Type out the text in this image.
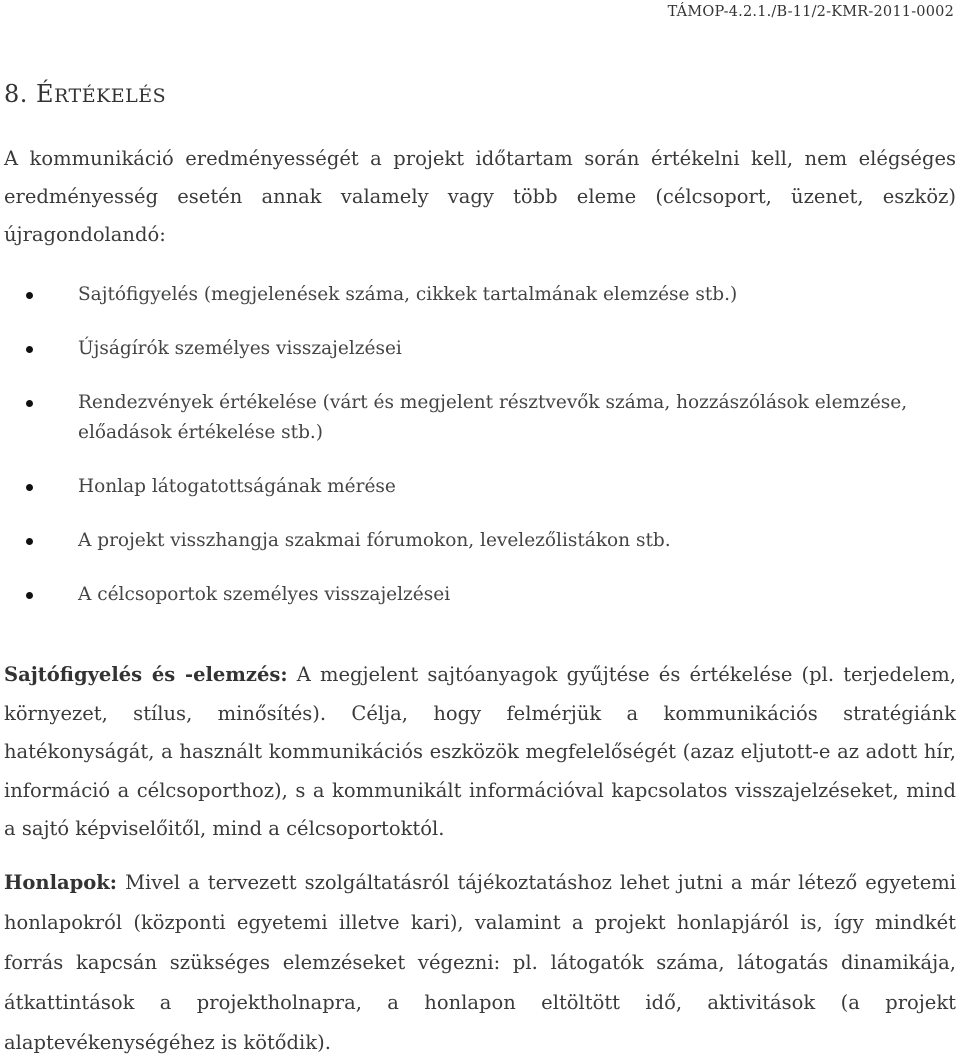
TÁMOP-4.2.1./B-11/2-KMR-2011-0002
8. ÉRTÉKELÉS

A kommunikáció eredményességét a projekt időtartam során értékelni kell, nem elégséges eredményesség esetén annak valamely vagy több eleme (célcsoport, üzenet, eszköz) újragondolandó:

Sajtófigyelés (megjelenések száma, cikkek tartalmának elemzése stb.)
Újságírók személyes visszajelzései
Rendezvények értékelése (várt és megjelent résztvevők száma, hozzászólások elemzése, előadások értékelése stb.)
Honlap látogatottságának mérése
A projekt visszhangja szakmai fórumokon, levelezőlistákon stb.
A célcsoportok személyes visszajelzései

Sajtófigyelés és -elemzés: A megjelent sajtóanyagok gyűjtése és értékelése (pl. terjedelem, környezet, stílus, minősítés). Célja, hogy felmérjük a kommunikációs stratégiánk hatékonyságát, a használt kommunikációs eszközök megfelelőségét (azaz eljutott-e az adott hír, információ a célcsoporthoz), s a kommunikált információval kapcsolatos visszajelzéseket, mind a sajtó képviselőitől, mind a célcsoportoktól.

Honlapok: Mivel a tervezett szolgáltatásról tájékoztatáshoz lehet jutni a már létező egyetemi honlapokról (központi egyetemi illetve kari), valamint a projekt honlapjáról is, így mindkét forrás kapcsán szükséges elemzéseket végezni: pl. látogatók száma, látogatás dinamikája, átkattintások a projektholnapra, a honlapon eltöltött idő, aktivitások (a projekt alaptevékenységéhez is kötődik).
